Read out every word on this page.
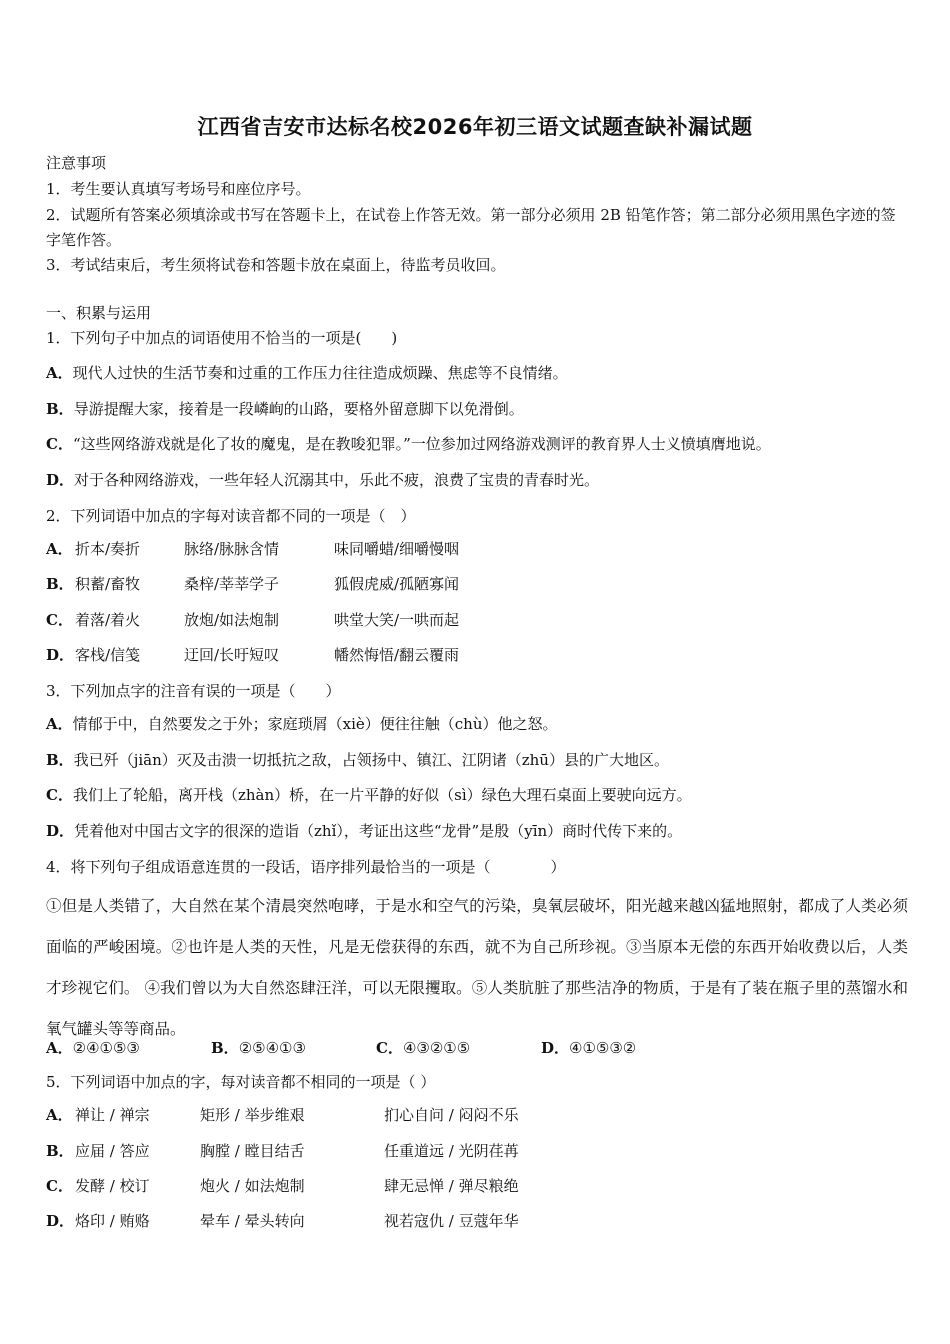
江西省吉安市达标名校2026年初三语文试题查缺补漏试题
注意事项
1．考生要认真填写考场号和座位序号。
2．试题所有答案必须填涂或书写在答题卡上，在试卷上作答无效。第一部分必须用 2B 铅笔作答；第二部分必须用黑色字迹的签字笔作答。
3．考试结束后，考生须将试卷和答题卡放在桌面上，待监考员收回。
一、积累与运用
1．下列句子中加点的词语使用不恰当的一项是(　　)
A．现代人过快的生活节奏和过重的工作压力往往造成烦躁、焦虑等不良情绪。
B．导游提醒大家，接着是一段嶙峋的山路，要格外留意脚下以免滑倒。
C．“这些网络游戏就是化了妆的魔鬼，是在教唆犯罪。”一位参加过网络游戏测评的教育界人士义愤填膺地说。
D．对于各种网络游戏，一些年轻人沉溺其中，乐此不疲，浪费了宝贵的青春时光。
2．下列词语中加点的字每对读音都不同的一项是（　）
A． 折本/奏折	脉络/脉脉含情	味同嚼蜡/细嚼慢咽
B． 积蓄/畜牧	桑梓/莘莘学子	狐假虎威/孤陋寡闻
C． 着落/着火	放炮/如法炮制	哄堂大笑/一哄而起
D． 客栈/信笺	迂回/长吁短叹	幡然悔悟/翻云覆雨
3．下列加点字的注音有误的一项是（　　）
A．情郁于中，自然要发之于外；家庭琐屑（xiè）便往往触（chù）他之怒。
B．我已歼（jiān）灭及击溃一切抵抗之敌，占领扬中、镇江、江阴诸（zhū）县的广大地区。
C．我们上了轮船，离开栈（zhàn）桥，在一片平静的好似（sì）绿色大理石桌面上要驶向远方。
D．凭着他对中国古文字的很深的造诣（zhǐ），考证出这些“龙骨”是殷（yīn）商时代传下来的。
4．将下列句子组成语意连贯的一段话，语序排列最恰当的一项是（　　　　）
①但是人类错了，大自然在某个清晨突然咆哮，于是水和空气的污染，臭氧层破坏，阳光越来越凶猛地照射，都成了人类必须面临的严峻困境。②也许是人类的天性，凡是无偿获得的东西，就不为自己所珍视。③当原本无偿的东西开始收费以后，人类才珍视它们。 ④我们曾以为大自然恣肆汪洋，可以无限攫取。⑤人类肮脏了那些洁净的物质，于是有了装在瓶子里的蒸馏水和氧气罐头等等商品。
A．②④①⑤③	B．②⑤④①③	C．④③②①⑤	D．④①⑤③②
5．下列词语中加点的字，每对读音都不相同的一项是（ ）
A． 禅让 / 禅宗	矩形 / 举步维艰	扪心自问 / 闷闷不乐
B． 应届 / 答应	胸膛 / 瞠目结舌	任重道远 / 光阴荏苒
C． 发酵 / 校订	炮火 / 如法炮制	肆无忌惮 / 弹尽粮绝
D． 烙印 / 贿赂	晕车 / 晕头转向	视若寇仇 / 豆蔻年华
